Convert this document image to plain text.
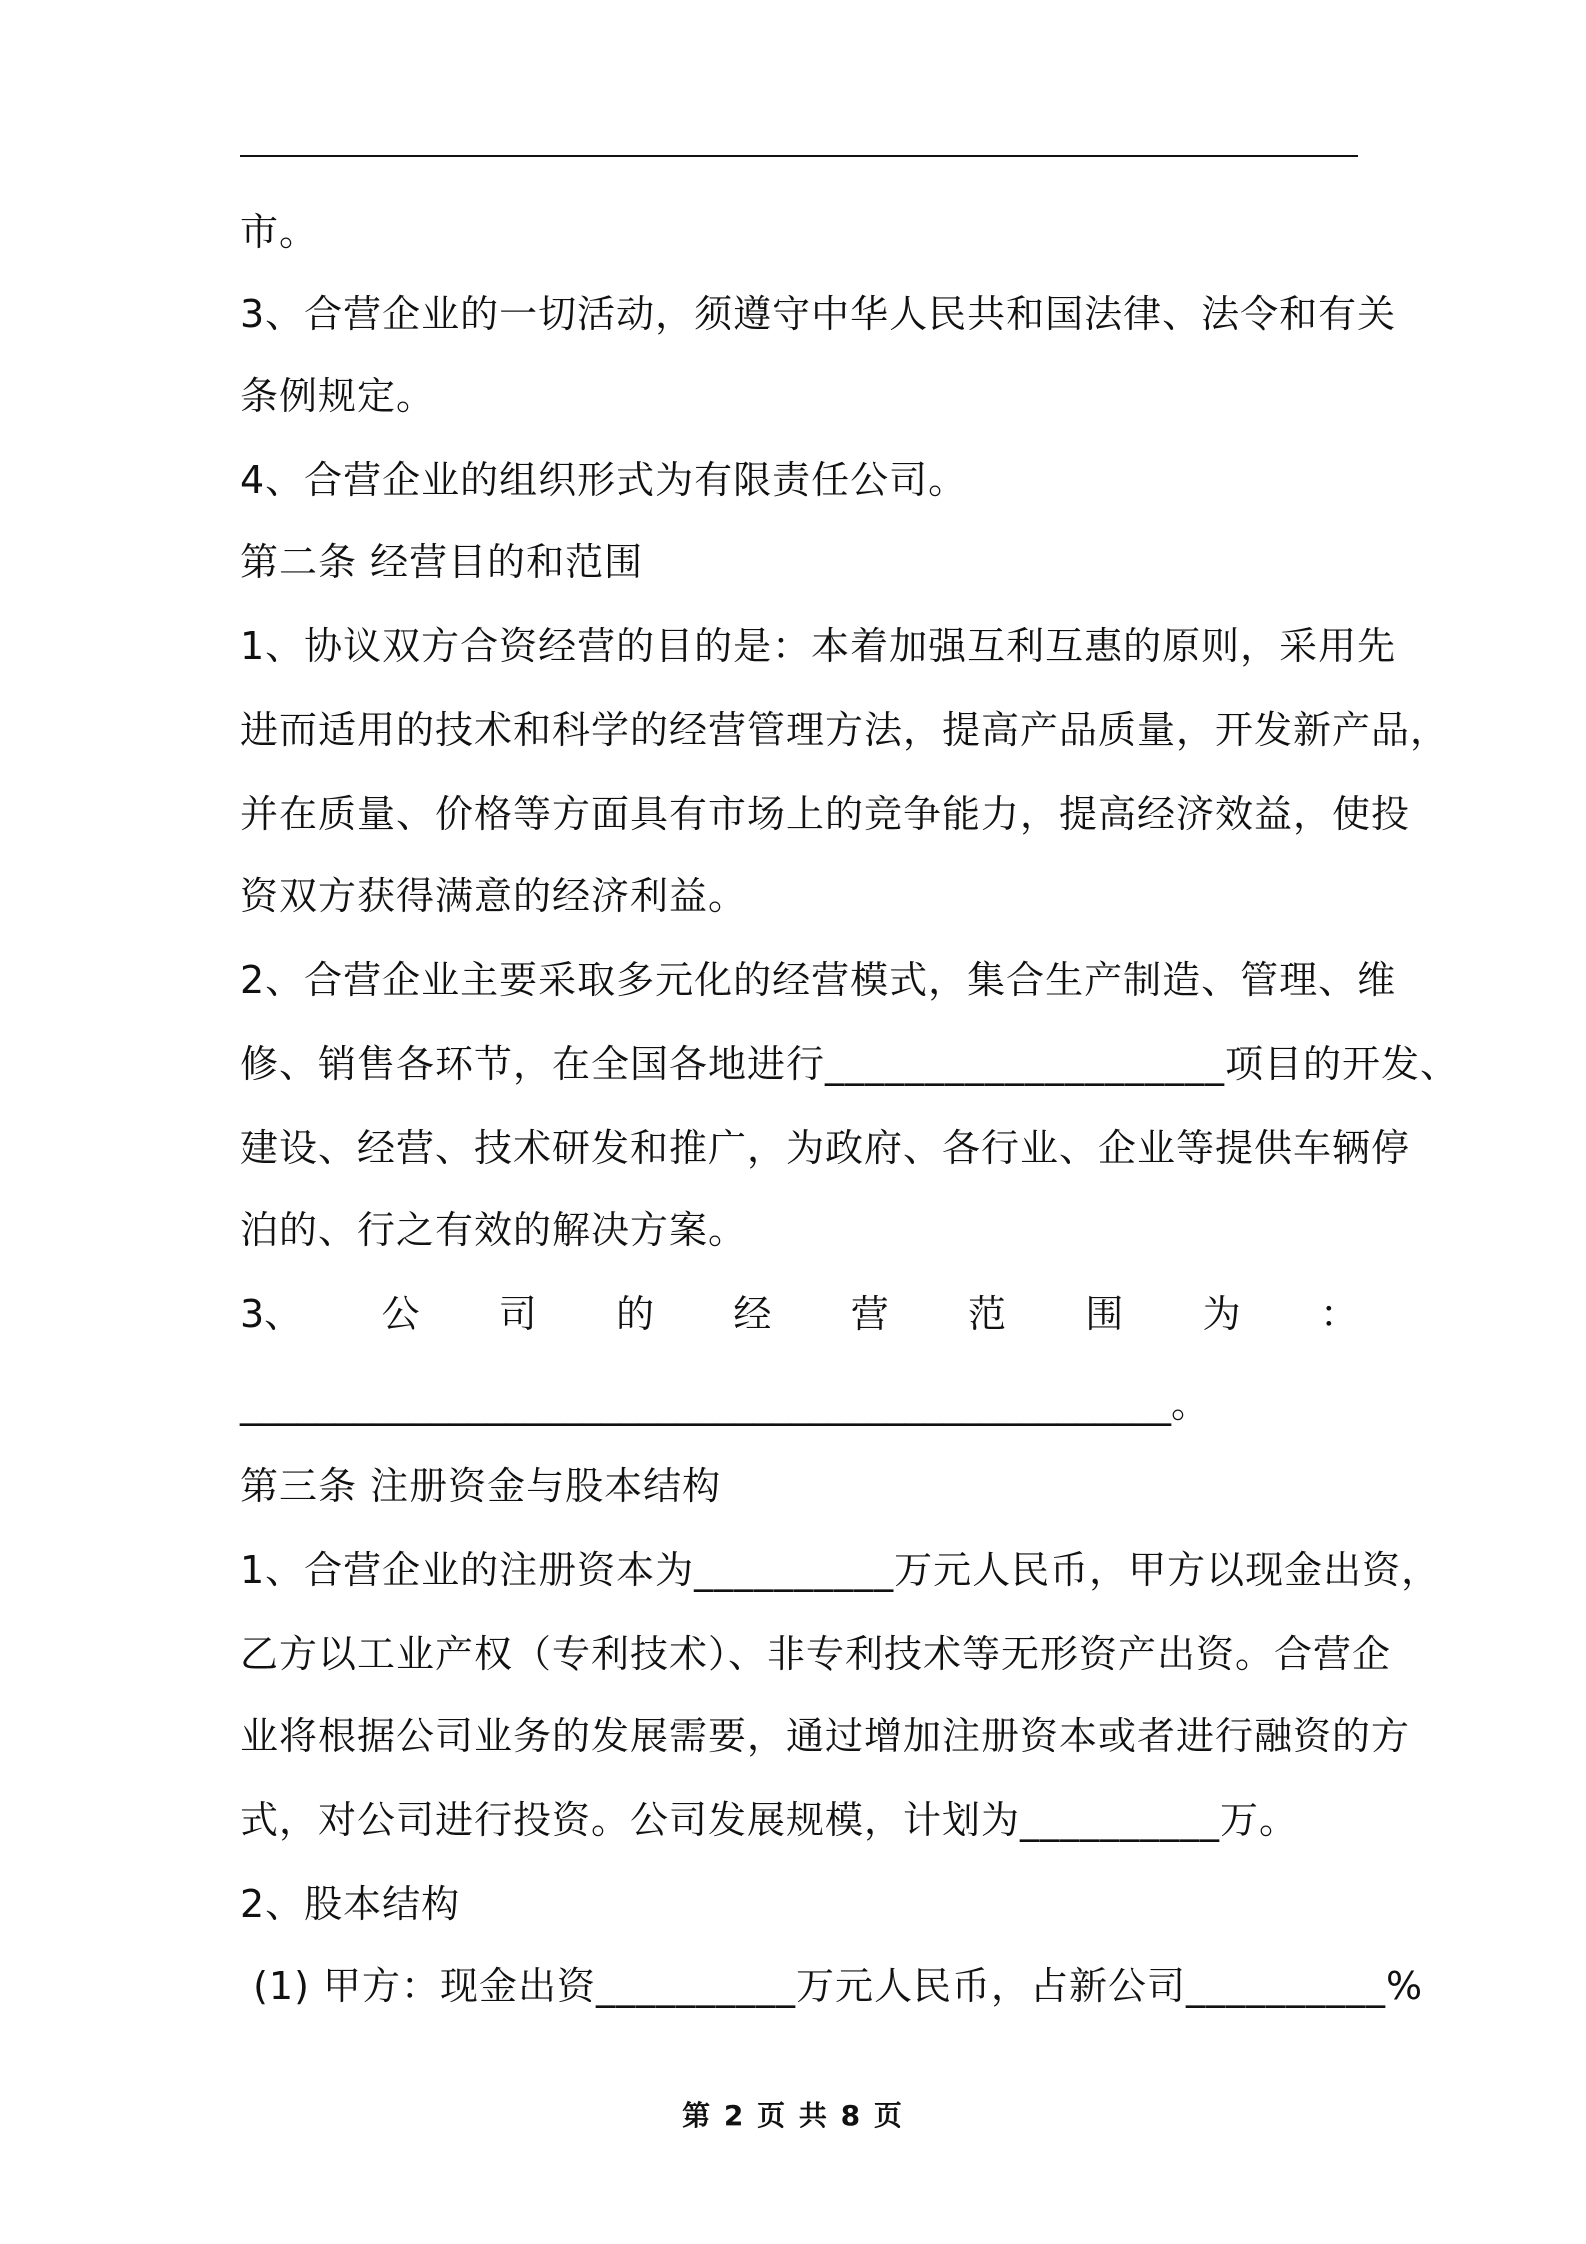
市。
3、合营企业的一切活动，须遵守中华人民共和国法律、法令和有关
条例规定。
4、合营企业的组织形式为有限责任公司。
第二条 经营目的和范围
1、协议双方合资经营的目的是：本着加强互利互惠的原则，采用先
进而适用的技术和科学的经营管理方法，提高产品质量，开发新产品，
并在质量、价格等方面具有市场上的竞争能力，提高经济效益，使投
资双方获得满意的经济利益。
2、合营企业主要采取多元化的经营模式，集合生产制造、管理、维
修、销售各环节，在全国各地进行____________________项目的开发、
建设、经营、技术研发和推广，为政府、各行业、企业等提供车辆停
泊的、行之有效的解决方案。
3、 公 司 的 经 营 范 围 为 ：
_________________________________________________。
第三条 注册资金与股本结构
1、合营企业的注册资本为__________万元人民币，甲方以现金出资，
乙方以工业产权（专利技术）、非专利技术等无形资产出资。合营企
业将根据公司业务的发展需要，通过增加注册资本或者进行融资的方
式，对公司进行投资。公司发展规模，计划为__________万。
2、股本结构
(1) 甲方：现金出资__________万元人民币，占新公司__________%
第 2 页 共 8 页
